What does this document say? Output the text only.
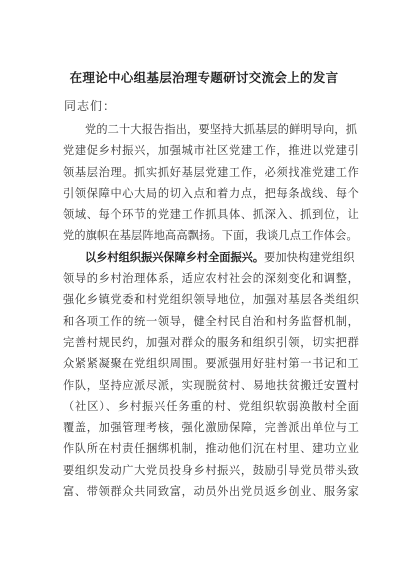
在理论中心组基层治理专题研讨交流会上的发言
同志们：
党的二十大报告指出，要坚持大抓基层的鲜明导向，抓
党建促乡村振兴，加强城市社区党建工作，推进以党建引
领基层治理。抓实抓好基层党建工作，必须找准党建工作
引领保障中心大局的切入点和着力点，把每条战线、每个
领域、每个环节的党建工作抓具体、抓深入、抓到位，让
党的旗帜在基层阵地高高飘扬。下面，我谈几点工作体会。
以乡村组织振兴保障乡村全面振兴。要加快构建党组织
领导的乡村治理体系，适应农村社会的深刻变化和调整，
强化乡镇党委和村党组织领导地位，加强对基层各类组织
和各项工作的统一领导，健全村民自治和村务监督机制，
完善村规民约，加强对群众的服务和组织引领，切实把群
众紧紧凝聚在党组织周围。要派强用好驻村第一书记和工
作队，坚持应派尽派，实现脱贫村、易地扶贫搬迁安置村
（社区）、乡村振兴任务重的村、党组织软弱涣散村全面
覆盖，加强管理考核，强化激励保障，完善派出单位与工
作队所在村责任捆绑机制，推动他们沉在村里、建功立业
要组织发动广大党员投身乡村振兴，鼓励引导党员带头致
富、带领群众共同致富，动员外出党员返乡创业、服务家
